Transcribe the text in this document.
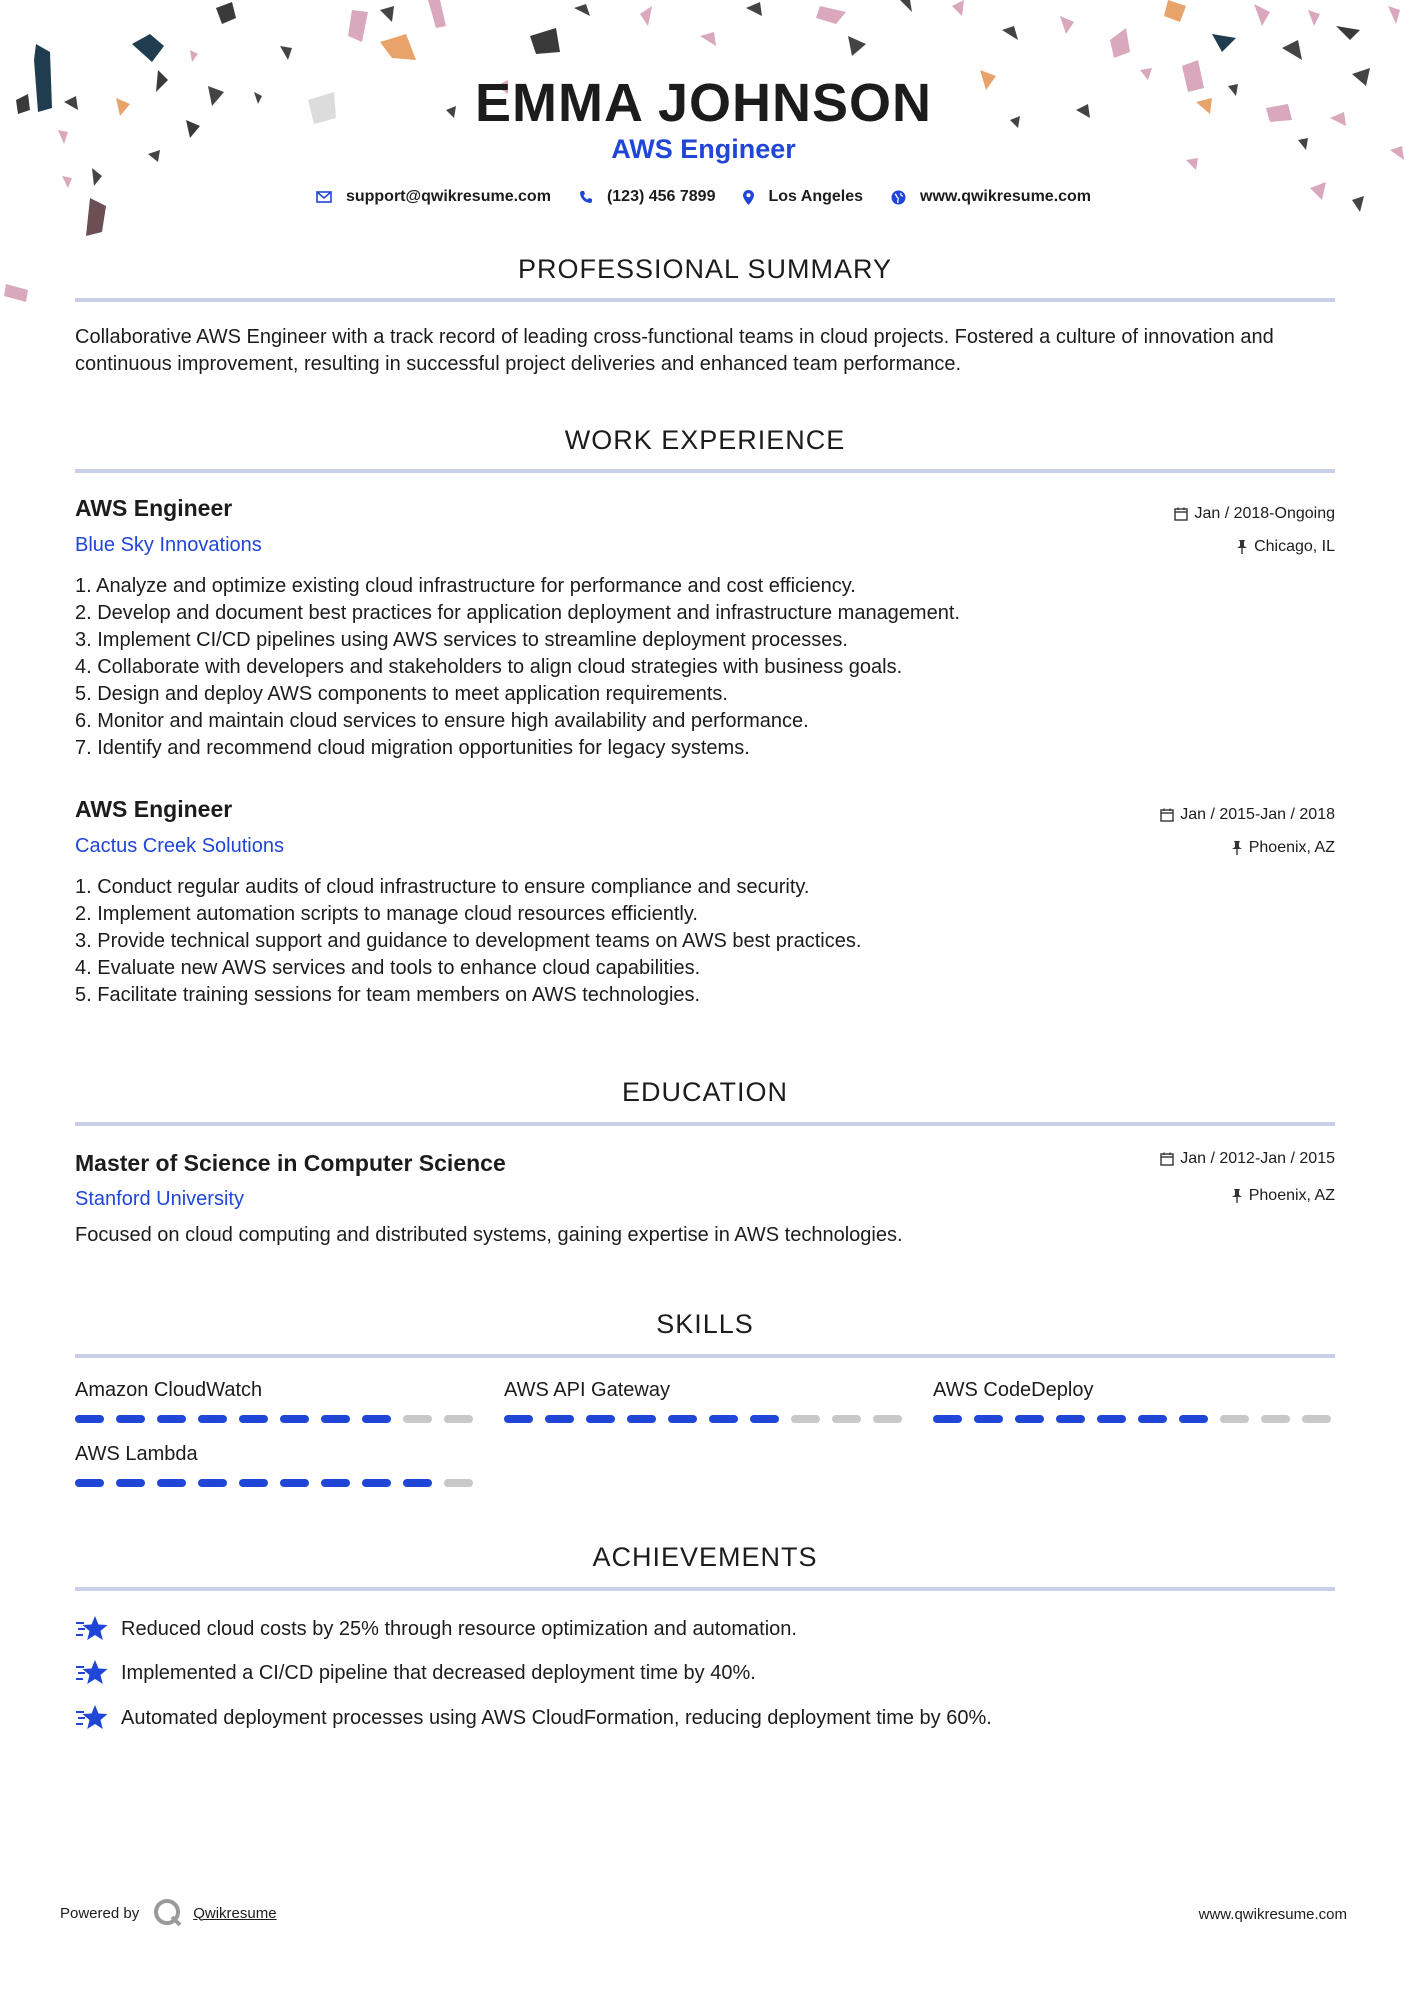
EMMA JOHNSON
AWS Engineer
support@qwikresume.com	(123) 456 7899	Los Angeles	www.qwikresume.com
PROFESSIONAL SUMMARY
Collaborative AWS Engineer with a track record of leading cross-functional teams in cloud projects. Fostered a culture of innovation and continuous improvement, resulting in successful project deliveries and enhanced team performance.
WORK EXPERIENCE
AWS Engineer
Blue Sky Innovations
Jan / 2018-Ongoing
Chicago, IL
1. Analyze and optimize existing cloud infrastructure for performance and cost efficiency.
2. Develop and document best practices for application deployment and infrastructure management.
3. Implement CI/CD pipelines using AWS services to streamline deployment processes.
4. Collaborate with developers and stakeholders to align cloud strategies with business goals.
5. Design and deploy AWS components to meet application requirements.
6. Monitor and maintain cloud services to ensure high availability and performance.
7. Identify and recommend cloud migration opportunities for legacy systems.
AWS Engineer
Cactus Creek Solutions
Jan / 2015-Jan / 2018
Phoenix, AZ
1. Conduct regular audits of cloud infrastructure to ensure compliance and security.
2. Implement automation scripts to manage cloud resources efficiently.
3. Provide technical support and guidance to development teams on AWS best practices.
4. Evaluate new AWS services and tools to enhance cloud capabilities.
5. Facilitate training sessions for team members on AWS technologies.
EDUCATION
Master of Science in Computer Science
Stanford University
Jan / 2012-Jan / 2015
Phoenix, AZ
Focused on cloud computing and distributed systems, gaining expertise in AWS technologies.
SKILLS
Amazon CloudWatch	AWS API Gateway	AWS CodeDeploy
AWS Lambda
ACHIEVEMENTS
Reduced cloud costs by 25% through resource optimization and automation.
Implemented a CI/CD pipeline that decreased deployment time by 40%.
Automated deployment processes using AWS CloudFormation, reducing deployment time by 60%.
Powered by	Qwikresume	www.qwikresume.com
